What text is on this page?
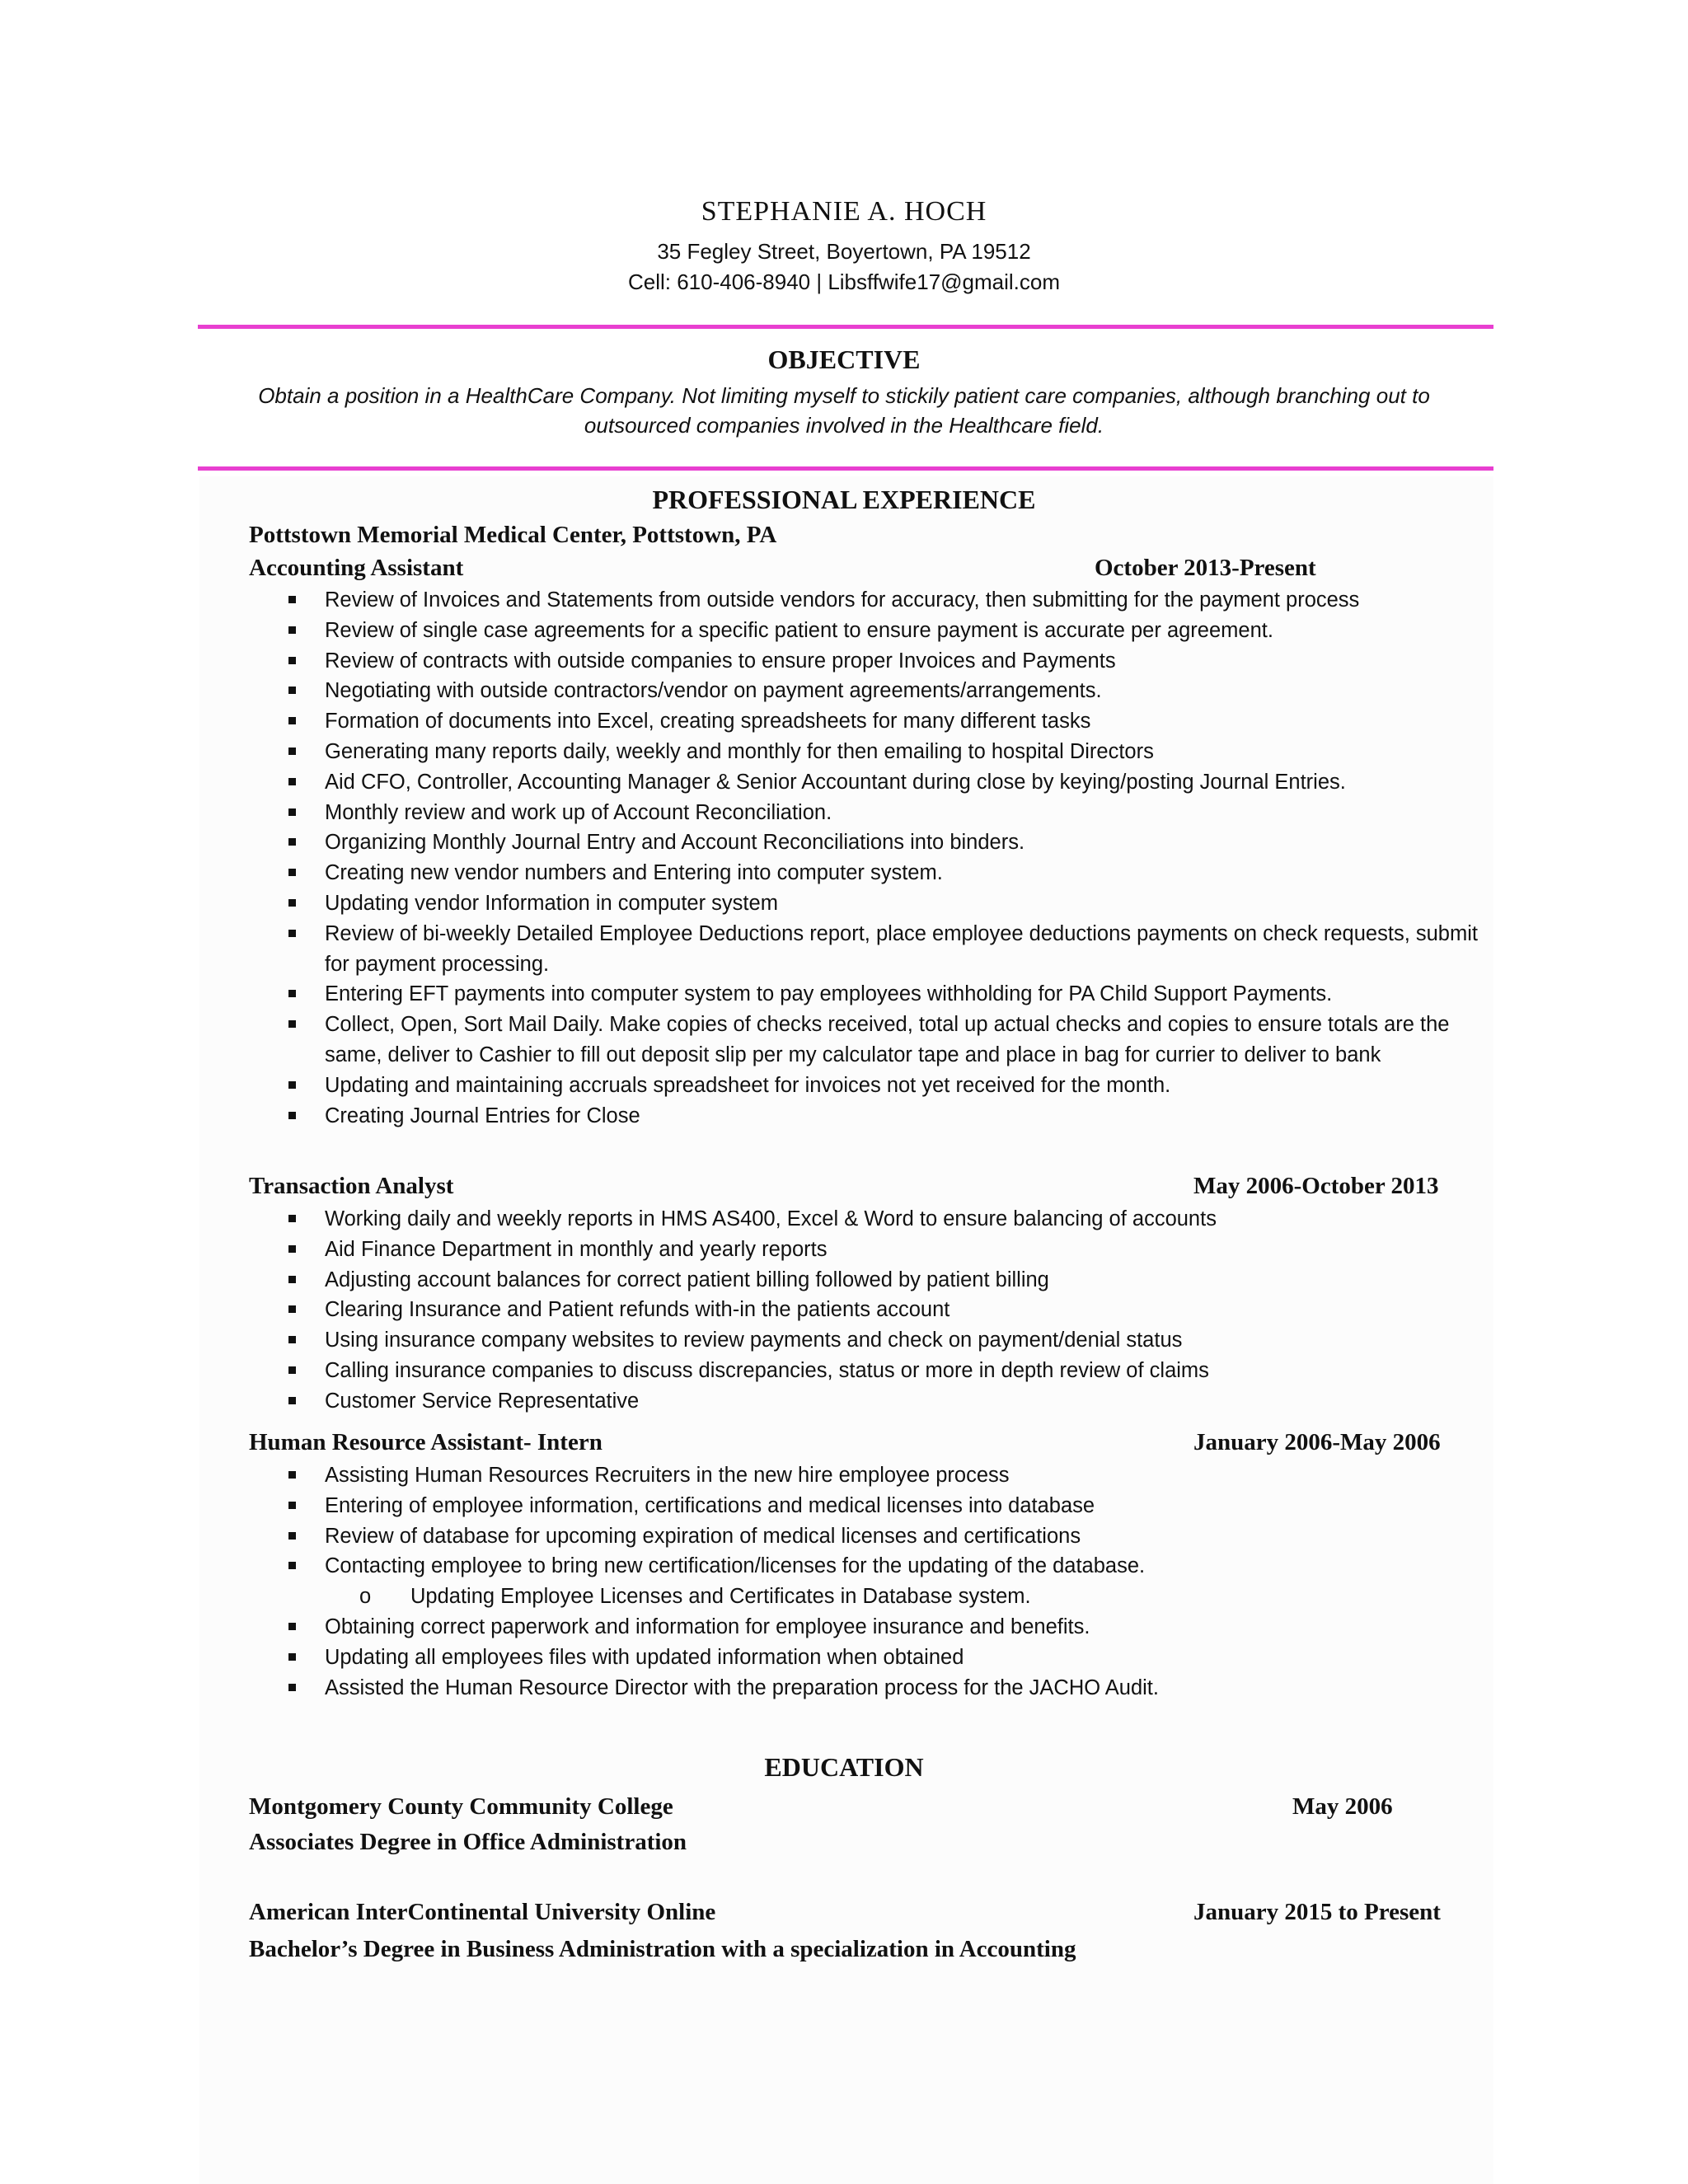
STEPHANIE A. HOCH
35 Fegley Street, Boyertown, PA 19512
Cell: 610-406-8940 | Libsffwife17@gmail.com
OBJECTIVE
Obtain a position in a HealthCare Company. Not limiting myself to stickily patient care companies, although branching out to outsourced companies involved in the Healthcare field.
PROFESSIONAL EXPERIENCE
Pottstown Memorial Medical Center, Pottstown, PA
Accounting Assistant	October 2013-Present
Review of Invoices and Statements from outside vendors for accuracy, then submitting for the payment process
Review of single case agreements for a specific patient to ensure payment is accurate per agreement.
Review of contracts with outside companies to ensure proper Invoices and Payments
Negotiating with outside contractors/vendor on payment agreements/arrangements.
Formation of documents into Excel, creating spreadsheets for many different tasks
Generating many reports daily, weekly and monthly for then emailing to hospital Directors
Aid CFO, Controller, Accounting Manager & Senior Accountant during close by keying/posting Journal Entries.
Monthly review and work up of Account Reconciliation.
Organizing Monthly Journal Entry and Account Reconciliations into binders.
Creating new vendor numbers and Entering into computer system.
Updating vendor Information in computer system
Review of bi-weekly Detailed Employee Deductions report, place employee deductions payments on check requests, submit for payment processing.
Entering EFT payments into computer system to pay employees withholding for PA Child Support Payments.
Collect, Open, Sort Mail Daily. Make copies of checks received, total up actual checks and copies to ensure totals are the same, deliver to Cashier to fill out deposit slip per my calculator tape and place in bag for currier to deliver to bank
Updating and maintaining accruals spreadsheet for invoices not yet received for the month.
Creating Journal Entries for Close
Transaction Analyst	May 2006-October 2013
Working daily and weekly reports in HMS AS400, Excel & Word to ensure balancing of accounts
Aid Finance Department in monthly and yearly reports
Adjusting account balances for correct patient billing followed by patient billing
Clearing Insurance and Patient refunds with-in the patients account
Using insurance company websites to review payments and check on payment/denial status
Calling insurance companies to discuss discrepancies, status or more in depth review of claims
Customer Service Representative
Human Resource Assistant- Intern	January 2006-May 2006
Assisting Human Resources Recruiters in the new hire employee process
Entering of employee information, certifications and medical licenses into database
Review of database for upcoming expiration of medical licenses and certifications
Contacting employee to bring new certification/licenses for the updating of the database.
o Updating Employee Licenses and Certificates in Database system.
Obtaining correct paperwork and information for employee insurance and benefits.
Updating all employees files with updated information when obtained
Assisted the Human Resource Director with the preparation process for the JACHO Audit.
EDUCATION
Montgomery County Community College	May 2006
Associates Degree in Office Administration
American InterContinental University Online	January 2015 to Present
Bachelor’s Degree in Business Administration with a specialization in Accounting
